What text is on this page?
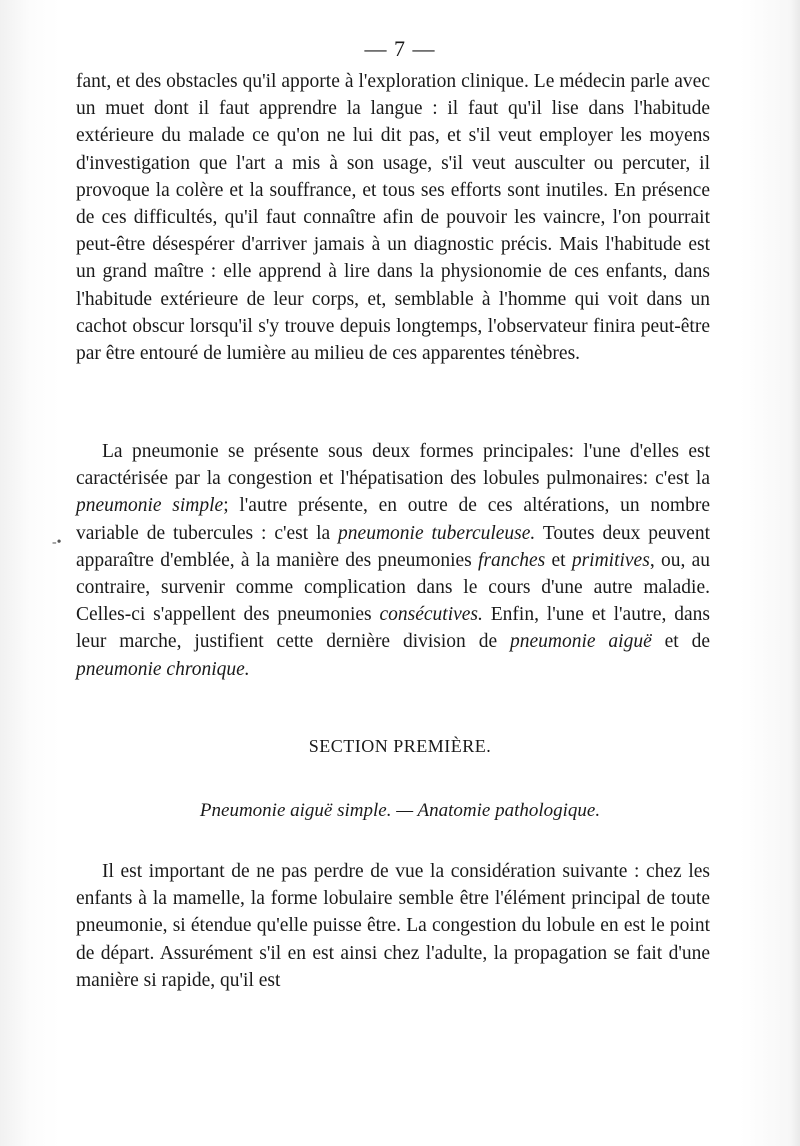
— 7 —

fant, et des obstacles qu'il apporte à l'exploration clinique. Le médecin parle avec un muet dont il faut apprendre la langue : il faut qu'il lise dans l'habitude extérieure du malade ce qu'on ne lui dit pas, et s'il veut employer les moyens d'investigation que l'art a mis à son usage, s'il veut ausculter ou percuter, il provoque la colère et la souffrance, et tous ses efforts sont inutiles. En présence de ces difficultés, qu'il faut connaître afin de pouvoir les vaincre, l'on pourrait peut-être désespérer d'arriver jamais à un diagnostic précis. Mais l'habitude est un grand maître : elle apprend à lire dans la physionomie de ces enfants, dans l'habitude extérieure de leur corps, et, semblable à l'homme qui voit dans un cachot obscur lorsqu'il s'y trouve depuis longtemps, l'observateur finira peut-être par être entouré de lumière au milieu de ces apparentes ténèbres.

-•

La pneumonie se présente sous deux formes principales: l'une d'elles est caractérisée par la congestion et l'hépatisation des lobules pulmonaires: c'est la pneumonie simple; l'autre présente, en outre de ces altérations, un nombre variable de tubercules : c'est la pneumonie tuberculeuse. Toutes deux peuvent apparaître d'emblée, à la manière des pneumonies franches et primitives, ou, au contraire, survenir comme complication dans le cours d'une autre maladie. Celles-ci s'appellent des pneumonies consécutives. Enfin, l'une et l'autre, dans leur marche, justifient cette dernière division de pneumonie aiguë et de pneumonie chronique.

SECTION PREMIÈRE.
Pneumonie aiguë simple. — Anatomie pathologique.

Il est important de ne pas perdre de vue la considération suivante : chez les enfants à la mamelle, la forme lobulaire semble être l'élément principal de toute pneumonie, si étendue qu'elle puisse être. La congestion du lobule en est le point de départ. Assurément s'il en est ainsi chez l'adulte, la propagation se fait d'une manière si rapide, qu'il est
